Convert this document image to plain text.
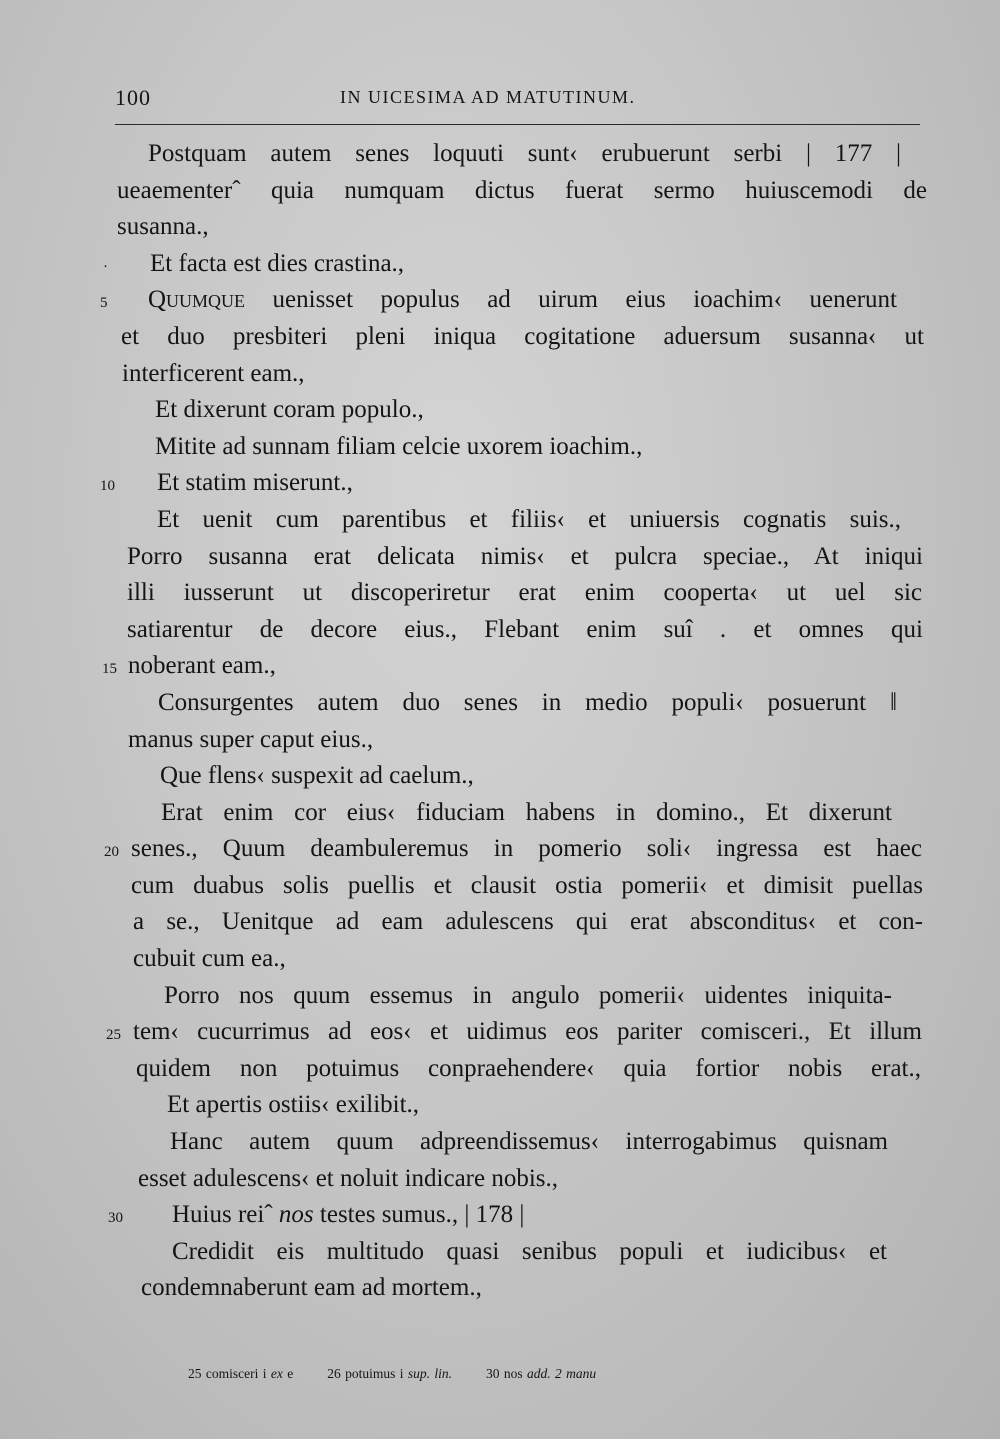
100	IN UICESIMA AD MATUTINUM.
Postquam autem senes loquuti sunt‹ erubuerunt serbi | 177 |
ueaementerˆ quia numquam dictus fuerat sermo huiuscemodi de
susanna.,
· Et facta est dies crastina.,
5 Quumque uenisset populus ad uirum eius ioachim‹ uenerunt
et duo presbiteri pleni iniqua cogitatione aduersum susanna‹ ut
interficerent eam.,
Et dixerunt coram populo.,
Mitite ad sunnam filiam celcie uxorem ioachim.,
10 Et statim miserunt.,
Et uenit cum parentibus et filiis‹ et uniuersis cognatis suis.,
Porro susanna erat delicata nimis‹ et pulcra speciae., At iniqui
illi iusserunt ut discoperiretur erat enim cooperta‹ ut uel sic
satiarentur de decore eius., Flebant enim suî . et omnes qui
15 noberant eam.,
Consurgentes autem duo senes in medio populi‹ posuerunt ‖
manus super caput eius.,
Que flens‹ suspexit ad caelum.,
Erat enim cor eius‹ fiduciam habens in domino., Et dixerunt
20 senes., Quum deambuleremus in pomerio soli‹ ingressa est haec
cum duabus solis puellis et clausit ostia pomerii‹ et dimisit puellas
a se., Uenitque ad eam adulescens qui erat absconditus‹ et con-
cubuit cum ea.,
Porro nos quum essemus in angulo pomerii‹ uidentes iniquita-
25 tem‹ cucurrimus ad eos‹ et uidimus eos pariter comisceri., Et illum
quidem non potuimus conpraehendere‹ quia fortior nobis erat.,
Et apertis ostiis‹ exilibit.,
Hanc autem quum adpreendissemus‹ interrogabimus quisnam
esset adulescens‹ et noluit indicare nobis.,
30 Huius reiˆ nos testes sumus., | 178 |
Credidit eis multitudo quasi senibus populi et iudicibus‹ et
condemnaberunt eam ad mortem.,
25 comisceri i ex e	26 potuimus i sup. lin.	30 nos add. 2 manu
